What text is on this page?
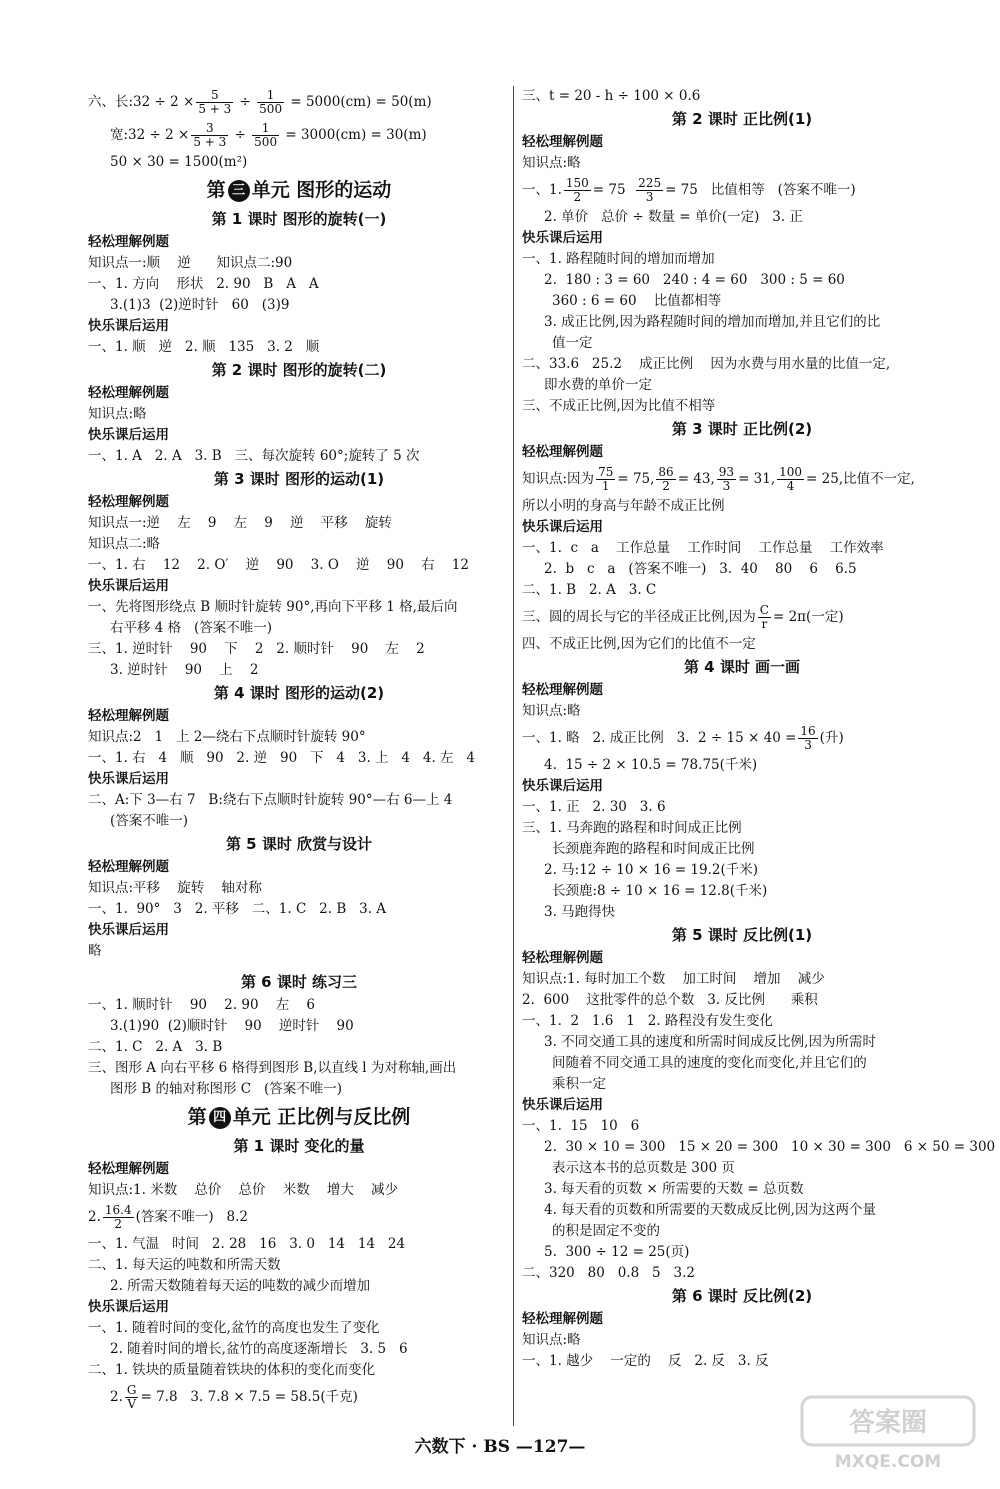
六、长:32 ÷ $2 \times \frac{5}{5 + 3} \div \frac{1}{500} = 5000(cm) = 50(m)$
宽:32 ÷ $2 \times \frac{3}{5 + 3} \div \frac{1}{500} = 3000(cm) = 30(m)$
50 × 30 = 1500(m²)
第 三 单元 图形的运动
第 1 课时 图形的旋转(一)
轻松理解例题
知识点一:顺    逆      知识点二:90
一、1. 方向    形状   2. 90   B   A   A
3.(1)3  (2)逆时针   60   (3)9
快乐课后运用
一、1. 顺   逆   2. 顺   135   3. 2   顺
第 2 课时 图形的旋转(二)
轻松理解例题
知识点:略
快乐课后运用
一、1. A   2. A   3. B   三、每次旋转 60°;旋转了 5 次
第 3 课时 图形的运动(1)
轻松理解例题
知识点一:逆    左    9    左    9    逆    平移    旋转
知识点二:略
一、1. 右    12    2. O′    逆    90    3. O    逆    90    右    12
快乐课后运用
一、先将图形绕点 B 顺时针旋转 90°,再向下平移 1 格,最后向
右平移 4 格   (答案不唯一)
三、1. 逆时针    90    下    2   2. 顺时针    90    左    2
3. 逆时针    90    上    2
第 4 课时 图形的运动(2)
轻松理解例题
知识点:2   1   上 2—绕右下点顺时针旋转 90°
一、1. 右   4   顺   90   2. 逆   90   下   4   3. 上   4   4. 左   4
快乐课后运用
二、A:下 3—右 7   B:绕右下点顺时针旋转 90°—右 6—上 4
(答案不唯一)
第 5 课时 欣赏与设计
轻松理解例题
知识点:平移    旋转    轴对称
一、1.  90°   3   2. 平移   二、1. C   2. B   3. A
快乐课后运用
略
第 6 课时 练习三
一、1. 顺时针    90    2. 90    左    6
3.(1)90  (2)顺时针    90    逆时针    90
二、1. C   2. A   3. B
三、图形 A 向右平移 6 格得到图形 B,以直线 l 为对称轴,画出
图形 B 的轴对称图形 C   (答案不唯一)
第 四 单元 正比例与反比例
第 1 课时 变化的量
轻松理解例题
知识点:1. 米数    总价    总价    米数    增大    减少
2. $\frac{16.4}{2}$ (答案不唯一)   8.2
一、1. 气温   时间   2. 28   16   3. 0   14   14   24
二、1. 每天运的吨数和所需天数
2. 所需天数随着每天运的吨数的减少而增加
快乐课后运用
一、1. 随着时间的变化,盆竹的高度也发生了变化
2. 随着时间的增长,盆竹的高度逐渐增长   3. 5   6
二、1. 铁块的质量随着铁块的体积的变化而变化
2. $\frac{G}{V} = 7.8$   3. 7.8 × 7.5 = 58.5(千克)
三、t = 20 - h ÷ 100 × 0.6
第 2 课时 正比例(1)
轻松理解例题
知识点:略
一、1. $\frac{150}{2} = 75 \frac{225}{3} = 75$   比值相等   (答案不唯一)
2. 单价   总价 ÷ 数量 = 单价(一定)   3. 正
快乐课后运用
一、1. 路程随时间的增加而增加
2.  180 : 3 = 60   240 : 4 = 60   300 : 5 = 60
360 : 6 = 60    比值都相等
3. 成正比例,因为路程随时间的增加而增加,并且它们的比
值一定
二、33.6   25.2    成正比例    因为水费与用水量的比值一定,
即水费的单价一定
三、不成正比例,因为比值不相等
第 3 课时 正比例(2)
轻松理解例题
知识点:因为 $\frac{75}{1} = 75$, $\frac{86}{2} = 43$, $\frac{93}{3} = 31$, $\frac{100}{4} = 25$,比值不一定,
所以小明的身高与年龄不成正比例
快乐课后运用
一、1.  c   a    工作总量    工作时间    工作总量    工作效率
2.  b   c   a   (答案不唯一)   3.  40    80    6    6.5
二、1. B   2. A   3. C
三、圆的周长与它的半径成正比例,因为 $\frac{C}{r} = 2\pi$(一定)
四、不成正比例,因为它们的比值不一定
第 4 课时 画一画
轻松理解例题
知识点:略
一、1. 略   2. 成正比例   3.  $2 \div 15 \times 40 = \frac{16}{3}$ (升)
4.  15 ÷ 2 × 10.5 = 78.75(千米)
快乐课后运用
一、1. 正   2. 30   3. 6
三、1. 马奔跑的路程和时间成正比例
长颈鹿奔跑的路程和时间成正比例
2. 马:12 ÷ 10 × 16 = 19.2(千米)
长颈鹿:8 ÷ 10 × 16 = 12.8(千米)
3. 马跑得快
第 5 课时 反比例(1)
轻松理解例题
知识点:1. 每时加工个数    加工时间    增加    减少
2.  600    这批零件的总个数   3. 反比例      乘积
一、1.  2   1.6   1   2. 路程没有发生变化
3. 不同交通工具的速度和所需时间成反比例,因为所需时
间随着不同交通工具的速度的变化而变化,并且它们的
乘积一定
快乐课后运用
一、1.  15   10   6
2.  30 × 10 = 300   15 × 20 = 300   10 × 30 = 300   6 × 50 = 300
表示这本书的总页数是 300 页
3. 每天看的页数 × 所需要的天数 = 总页数
4. 每天看的页数和所需要的天数成反比例,因为这两个量
的积是固定不变的
5.  300 ÷ 12 = 25(页)
二、320   80   0.8   5   3.2
第 6 课时 反比例(2)
轻松理解例题
知识点:略
一、1. 越少    一定的    反   2. 反   3. 反
六数下 · BS —127—
答案圈
MXQE.COM
